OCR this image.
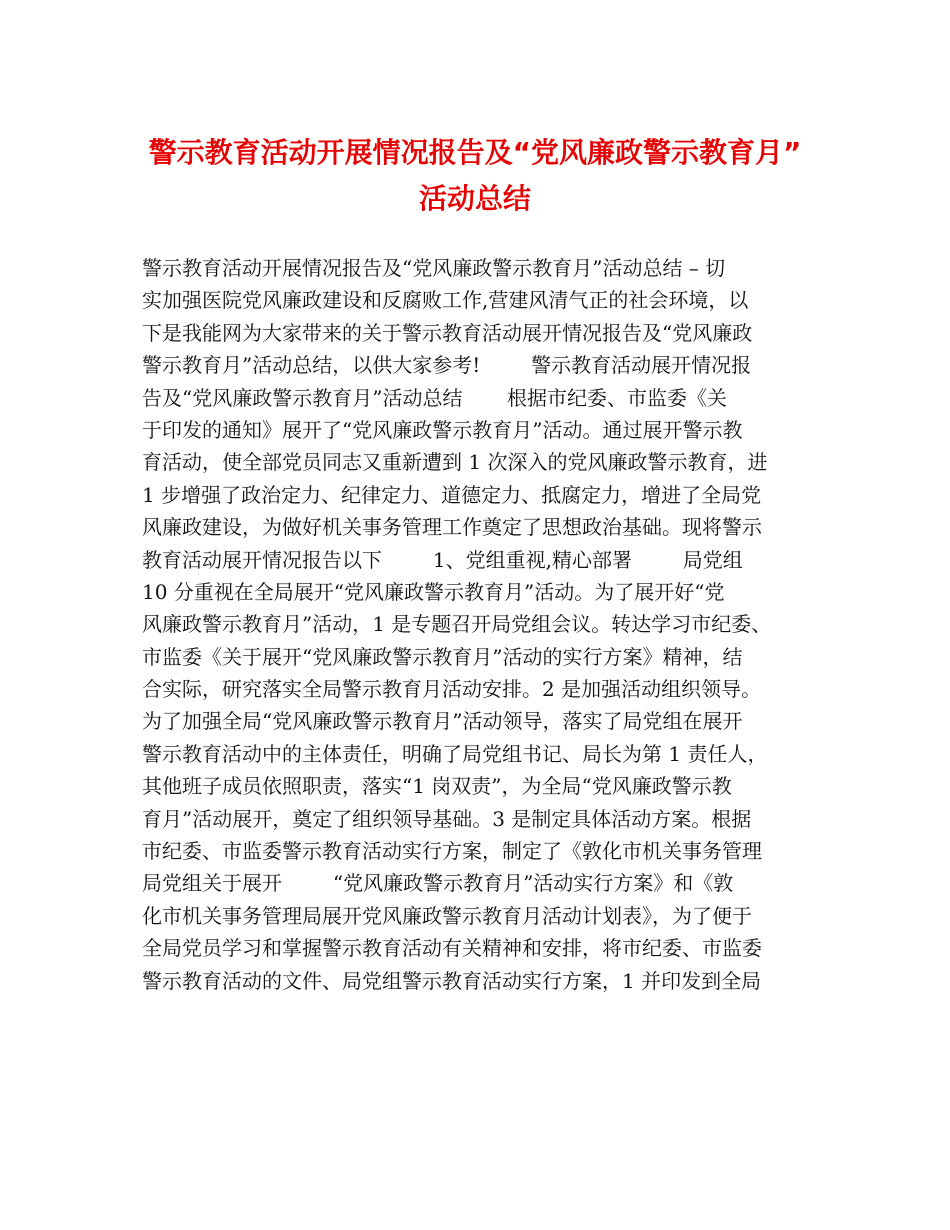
警示教育活动开展情况报告及“党风廉政警示教育月”
活动总结
警示教育活动开展情况报告及“党风廉政警示教育月”活动总结 – 切
实加强医院党风廉政建设和反腐败工作,营建风清气正的社会环境，以
下是我能网为大家带来的关于警示教育活动展开情况报告及“党风廉政
警示教育月”活动总结，以供大家参考!        警示教育活动展开情况报
告及“党风廉政警示教育月”活动总结       根据市纪委、市监委《关
于印发的通知》展开了“党风廉政警示教育月”活动。通过展开警示教
育活动，使全部党员同志又重新遭到 1 次深入的党风廉政警示教育，进
1 步增强了政治定力、纪律定力、道德定力、抵腐定力，增进了全局党
风廉政建设，为做好机关事务管理工作奠定了思想政治基础。现将警示
教育活动展开情况报告以下        1、党组重视,精心部署        局党组
10 分重视在全局展开“党风廉政警示教育月”活动。为了展开好“党
风廉政警示教育月”活动，1 是专题召开局党组会议。转达学习市纪委、
市监委《关于展开“党风廉政警示教育月”活动的实行方案》精神，结
合实际，研究落实全局警示教育月活动安排。2 是加强活动组织领导。
为了加强全局“党风廉政警示教育月”活动领导，落实了局党组在展开
警示教育活动中的主体责任，明确了局党组书记、局长为第 1 责任人，
其他班子成员依照职责，落实“1 岗双责”，为全局“党风廉政警示教
育月”活动展开，奠定了组织领导基础。3 是制定具体活动方案。根据
市纪委、市监委警示教育活动实行方案，制定了《敦化市机关事务管理
局党组关于展开        “党风廉政警示教育月”活动实行方案》和《敦
化市机关事务管理局展开党风廉政警示教育月活动计划表》，为了便于
全局党员学习和掌握警示教育活动有关精神和安排，将市纪委、市监委
警示教育活动的文件、局党组警示教育活动实行方案，1 并印发到全局
